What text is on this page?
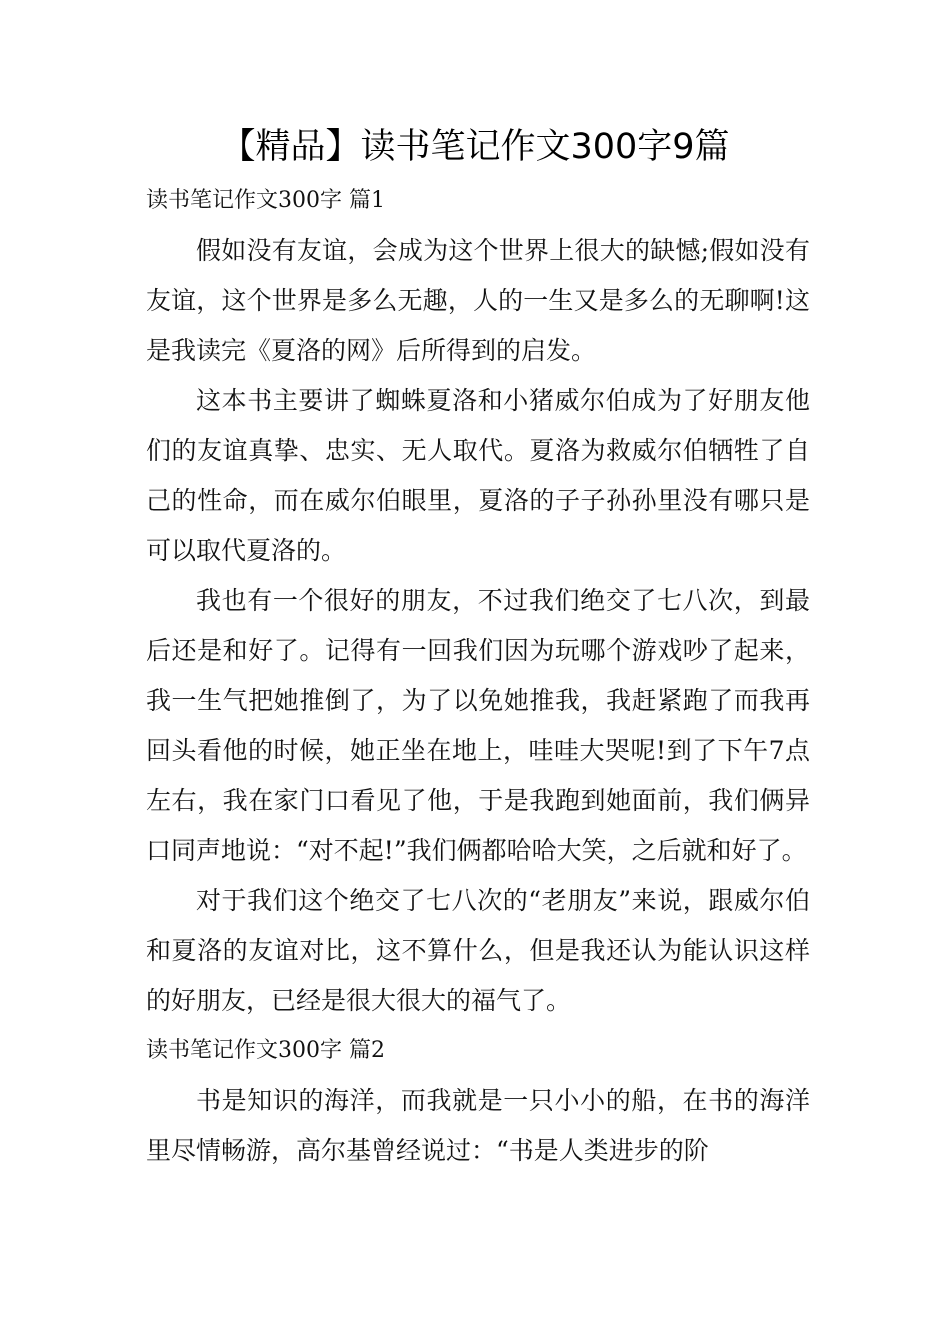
【精品】读书笔记作文300字9篇

读书笔记作文300字 篇1

假如没有友谊，会成为这个世界上很大的缺憾;假如没有友谊，这个世界是多么无趣，人的一生又是多么的无聊啊!这是我读完《夏洛的网》后所得到的启发。

这本书主要讲了蜘蛛夏洛和小猪威尔伯成为了好朋友他们的友谊真挚、忠实、无人取代。夏洛为救威尔伯牺牲了自己的性命，而在威尔伯眼里，夏洛的子子孙孙里没有哪只是可以取代夏洛的。

我也有一个很好的朋友，不过我们绝交了七八次，到最后还是和好了。记得有一回我们因为玩哪个游戏吵了起来，我一生气把她推倒了，为了以免她推我，我赶紧跑了而我再回头看他的时候，她正坐在地上，哇哇大哭呢!到了下午7点左右，我在家门口看见了他，于是我跑到她面前，我们俩异口同声地说：“对不起!”我们俩都哈哈大笑，之后就和好了。

对于我们这个绝交了七八次的“老朋友”来说，跟威尔伯和夏洛的友谊对比，这不算什么，但是我还认为能认识这样的好朋友，已经是很大很大的福气了。

读书笔记作文300字 篇2

书是知识的海洋，而我就是一只小小的船，在书的海洋里尽情畅游，高尔基曾经说过：“书是人类进步的阶
